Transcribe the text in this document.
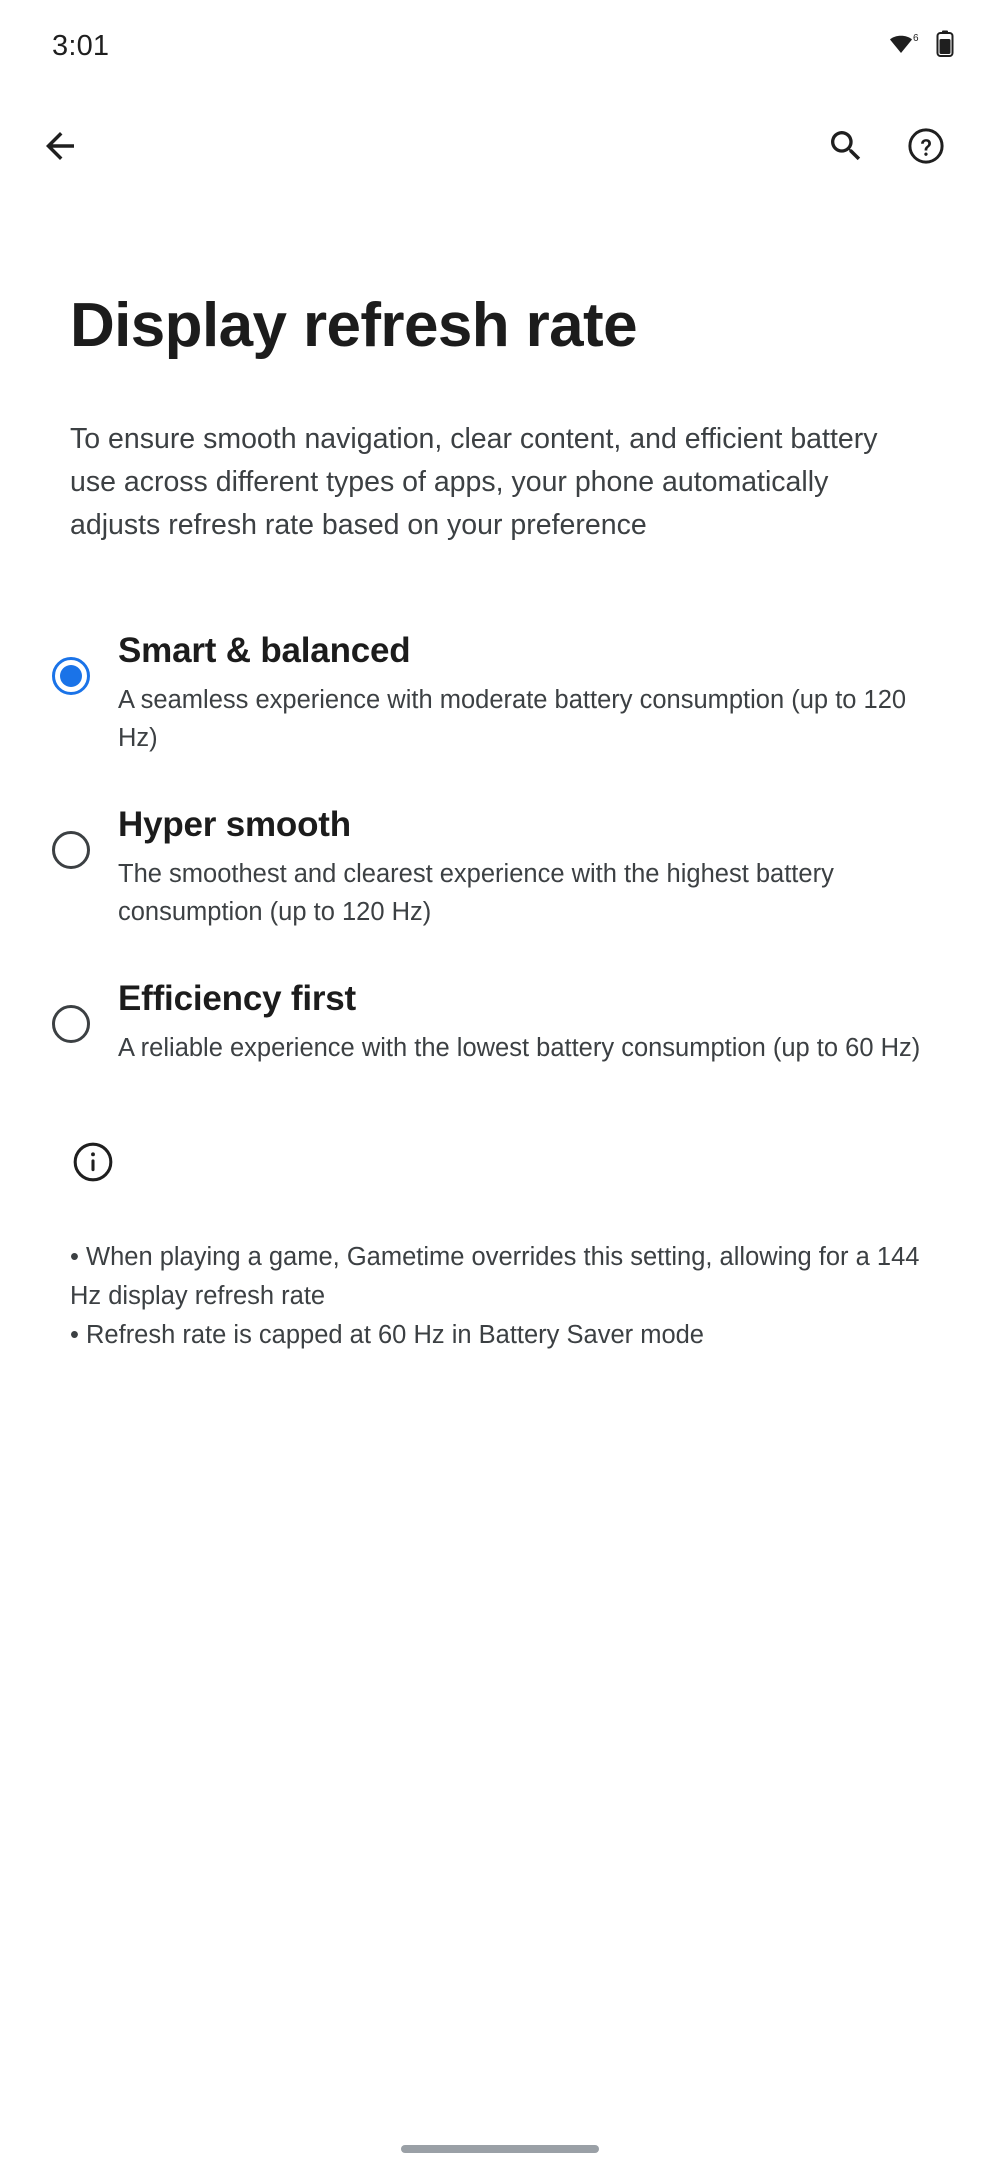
3:01	6
Display refresh rate

To ensure smooth navigation, clear content, and efficient battery use across different types of apps, your phone automatically adjusts refresh rate based on your preference

Smart & balanced
A seamless experience with moderate battery consumption (up to 120 Hz)
Hyper smooth
The smoothest and clearest experience with the highest battery consumption (up to 120 Hz)
Efficiency first
A reliable experience with the lowest battery consumption (up to 60 Hz)
• When playing a game, Gametime overrides this setting, allowing for a 144 Hz display refresh rate
• Refresh rate is capped at 60 Hz in Battery Saver mode
